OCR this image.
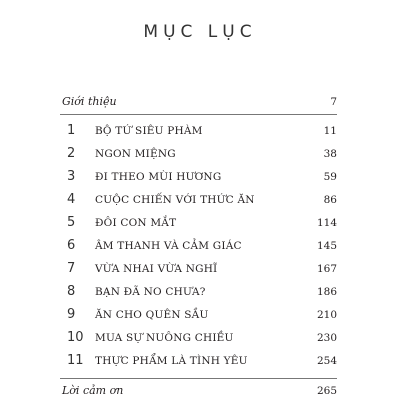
MỤC LỤC
Giới thiệu	7
1	BỘ TỨ SIÊU PHÀM	11
2	NGON MIỆNG	38
3	ĐI THEO MÙI HƯƠNG	59
4	CUỘC CHIẾN VỚI THỨC ĂN	86
5	ĐÔI CON MẮT	114
6	ÂM THANH VÀ CẢM GIÁC	145
7	VỪA NHAI VỪA NGHĨ	167
8	BẠN ĐÃ NO CHƯA?	186
9	ĂN CHO QUÊN SẦU	210
10	MUA SỰ NUÔNG CHIỀU	230
11	THỰC PHẨM LÀ TÌNH YÊU	254
Lời cảm ơn	265
